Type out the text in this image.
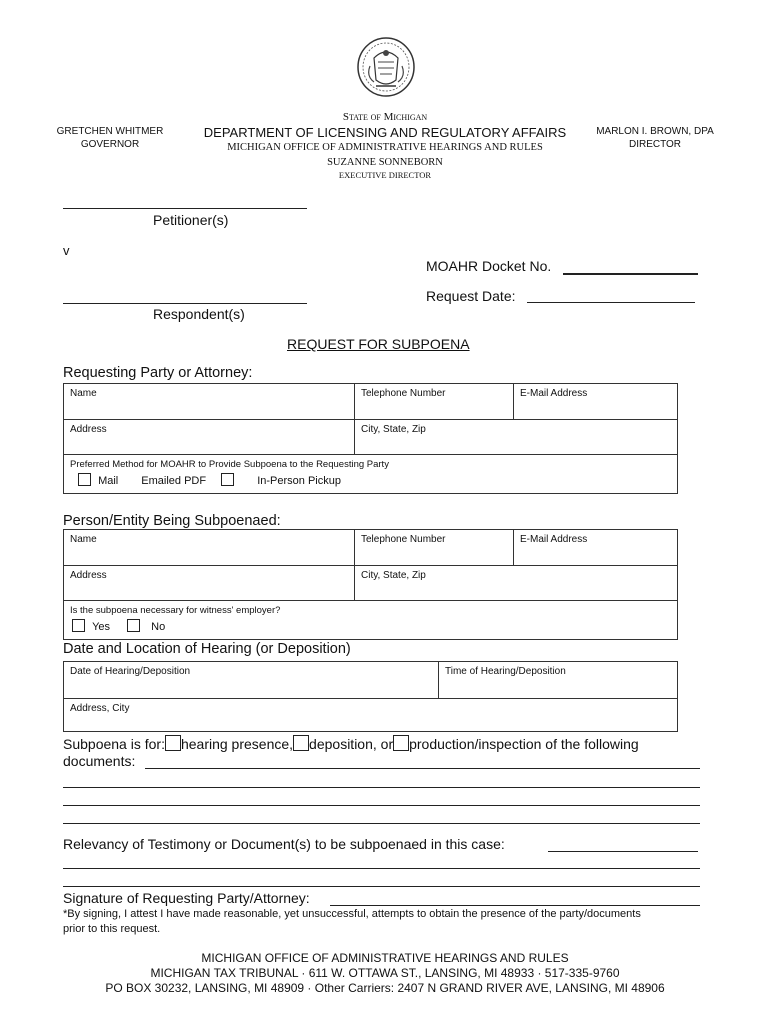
State of Michigan
DEPARTMENT OF LICENSING AND REGULATORY AFFAIRS
MICHIGAN OFFICE OF ADMINISTRATIVE HEARINGS AND RULES
SUZANNE SONNEBORN
EXECUTIVE DIRECTOR
GRETCHEN WHITMER
GOVERNOR
MARLON I. BROWN, DPA
DIRECTOR
Petitioner(s)
v
Respondent(s)
MOAHR Docket No.
Request Date:
REQUEST FOR SUBPOENA
Requesting Party or Attorney:
Name	Telephone Number	E-Mail Address
Address	City, State, Zip
Preferred Method for MOAHR to Provide Subpoena to the Requesting Party
Mail Emailed PDF	In-Person Pickup
Person/Entity Being Subpoenaed:
Name	Telephone Number	E-Mail Address
Address	City, State, Zip
Is the subpoena necessary for witness' employer?
Yes	No
Date and Location of Hearing (or Deposition)
Date of Hearing/Deposition	Time of Hearing/Deposition
Address, City
Subpoena is for: hearing presence, deposition, or production/inspection of the following
documents:
Relevancy of Testimony or Document(s) to be subpoenaed in this case:
Signature of Requesting Party/Attorney:
*By signing, I attest I have made reasonable, yet unsuccessful, attempts to obtain the presence of the party/documents prior to this request.
MICHIGAN OFFICE OF ADMINISTRATIVE HEARINGS AND RULES
MICHIGAN TAX TRIBUNAL · 611 W. OTTAWA ST., LANSING, MI 48933 · 517-335-9760
PO BOX 30232, LANSING, MI 48909 · Other Carriers: 2407 N GRAND RIVER AVE, LANSING, MI 48906
